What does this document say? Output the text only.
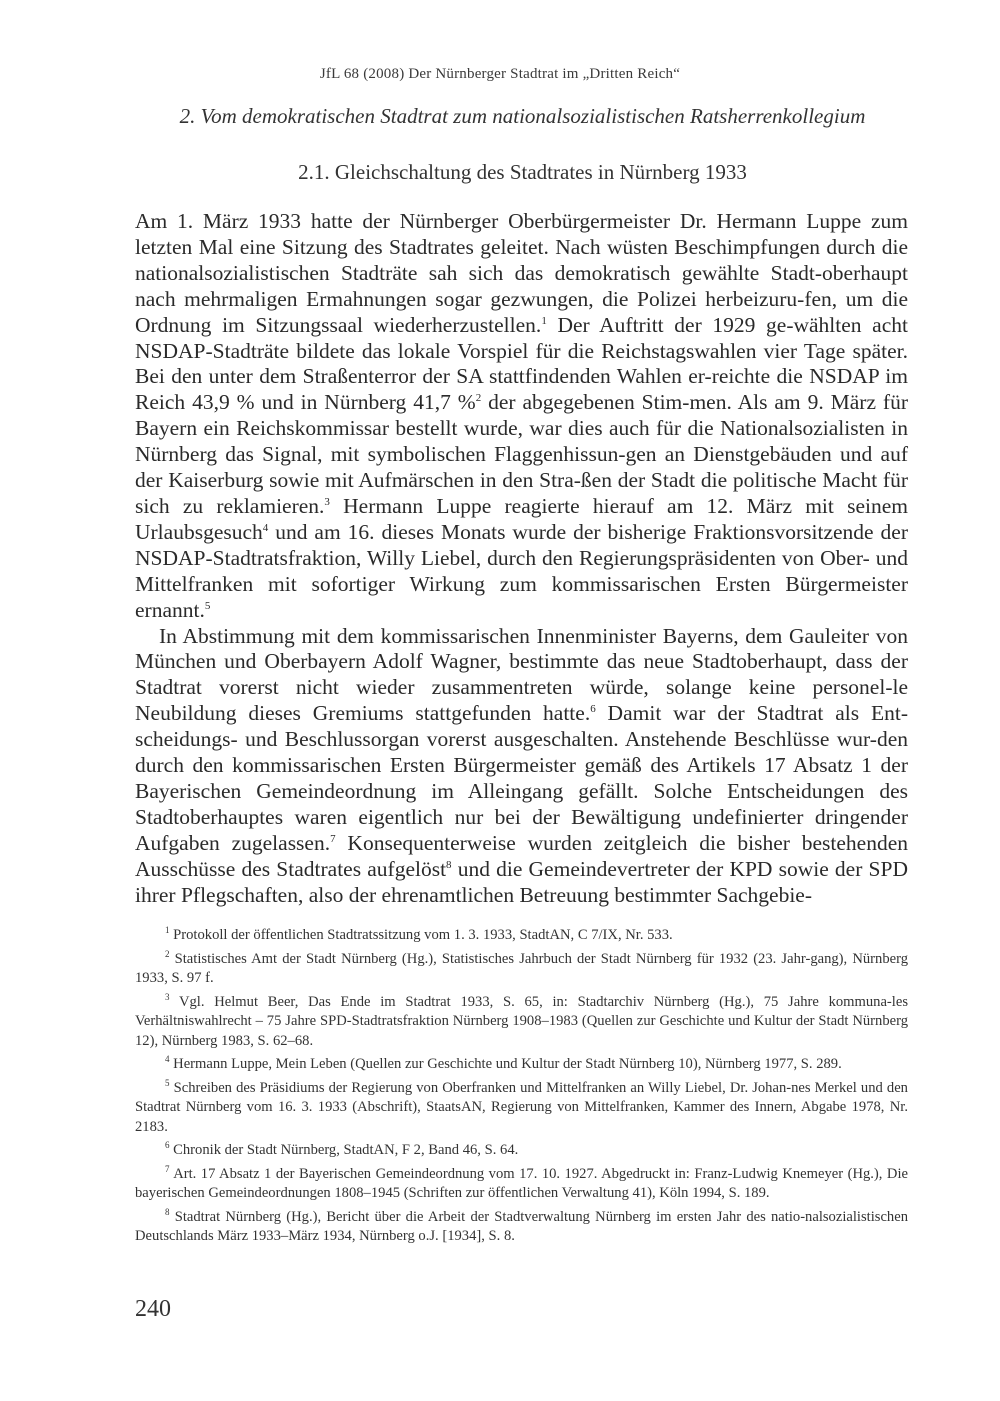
JfL 68 (2008) Der Nürnberger Stadtrat im „Dritten Reich“
2. Vom demokratischen Stadtrat zum nationalsozialistischen Ratsherrenkollegium
2.1. Gleichschaltung des Stadtrates in Nürnberg 1933

Am 1. März 1933 hatte der Nürnberger Oberbürgermeister Dr. Hermann Luppe zum letzten Mal eine Sitzung des Stadtrates geleitet. Nach wüsten Beschimpfungen durch die nationalsozialistischen Stadträte sah sich das demokratisch gewählte Stadt-oberhaupt nach mehrmaligen Ermahnungen sogar gezwungen, die Polizei herbeizuru-fen, um die Ordnung im Sitzungssaal wiederherzustellen.$^1$ Der Auftritt der 1929 ge-wählten acht NSDAP-Stadträte bildete das lokale Vorspiel für die Reichstagswahlen vier Tage später. Bei den unter dem Straßenterror der SA stattfindenden Wahlen er-reichte die NSDAP im Reich 43,9 % und in Nürnberg 41,7 %$^2$ der abgegebenen Stim-men. Als am 9. März für Bayern ein Reichskommissar bestellt wurde, war dies auch für die Nationalsozialisten in Nürnberg das Signal, mit symbolischen Flaggenhissun-gen an Dienstgebäuden und auf der Kaiserburg sowie mit Aufmärschen in den Stra-ßen der Stadt die politische Macht für sich zu reklamieren.$^3$ Hermann Luppe reagierte hierauf am 12. März mit seinem Urlaubsgesuch$^4$ und am 16. dieses Monats wurde der bisherige Fraktionsvorsitzende der NSDAP-Stadtratsfraktion, Willy Liebel, durch den Regierungspräsidenten von Ober- und Mittelfranken mit sofortiger Wirkung zum kommissarischen Ersten Bürgermeister ernannt.$^5$

In Abstimmung mit dem kommissarischen Innenminister Bayerns, dem Gauleiter von München und Oberbayern Adolf Wagner, bestimmte das neue Stadtoberhaupt, dass der Stadtrat vorerst nicht wieder zusammentreten würde, solange keine personel-le Neubildung dieses Gremiums stattgefunden hatte.$^6$ Damit war der Stadtrat als Ent-scheidungs- und Beschlussorgan vorerst ausgeschalten. Anstehende Beschlüsse wur-den durch den kommissarischen Ersten Bürgermeister gemäß des Artikels 17 Absatz 1 der Bayerischen Gemeindeordnung im Alleingang gefällt. Solche Entscheidungen des Stadtoberhauptes waren eigentlich nur bei der Bewältigung undefinierter dringender Aufgaben zugelassen.$^7$ Konsequenterweise wurden zeitgleich die bisher bestehenden Ausschüsse des Stadtrates aufgelöst$^8$ und die Gemeindevertreter der KPD sowie der SPD ihrer Pflegschaften, also der ehrenamtlichen Betreuung bestimmter Sachgebie-

$^1$ Protokoll der öffentlichen Stadtratssitzung vom 1. 3. 1933, StadtAN, C 7/IX, Nr. 533.

$^2$ Statistisches Amt der Stadt Nürnberg (Hg.), Statistisches Jahrbuch der Stadt Nürnberg für 1932 (23. Jahr-gang), Nürnberg 1933, S. 97 f.

$^3$ Vgl. Helmut Beer, Das Ende im Stadtrat 1933, S. 65, in: Stadtarchiv Nürnberg (Hg.), 75 Jahre kommuna-les Verhältniswahlrecht – 75 Jahre SPD-Stadtratsfraktion Nürnberg 1908–1983 (Quellen zur Geschichte und Kultur der Stadt Nürnberg 12), Nürnberg 1983, S. 62–68.

$^4$ Hermann Luppe, Mein Leben (Quellen zur Geschichte und Kultur der Stadt Nürnberg 10), Nürnberg 1977, S. 289.

$^5$ Schreiben des Präsidiums der Regierung von Oberfranken und Mittelfranken an Willy Liebel, Dr. Johan-nes Merkel und den Stadtrat Nürnberg vom 16. 3. 1933 (Abschrift), StaatsAN, Regierung von Mittelfranken, Kammer des Innern, Abgabe 1978, Nr. 2183.

$^6$ Chronik der Stadt Nürnberg, StadtAN, F 2, Band 46, S. 64.

$^7$ Art. 17 Absatz 1 der Bayerischen Gemeindeordnung vom 17. 10. 1927. Abgedruckt in: Franz-Ludwig Knemeyer (Hg.), Die bayerischen Gemeindeordnungen 1808–1945 (Schriften zur öffentlichen Verwaltung 41), Köln 1994, S. 189.

$^8$ Stadtrat Nürnberg (Hg.), Bericht über die Arbeit der Stadtverwaltung Nürnberg im ersten Jahr des natio-nalsozialistischen Deutschlands März 1933–März 1934, Nürnberg o.J. [1934], S. 8.

240
